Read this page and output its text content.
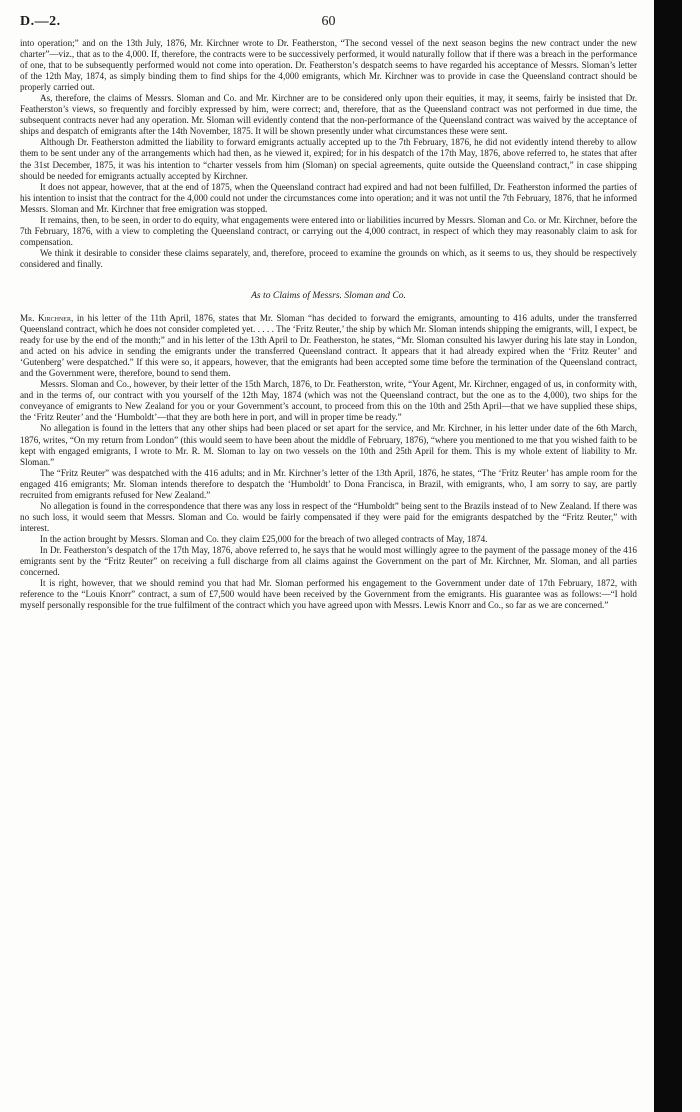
D.—2.	60

into operation;” and on the 13th July, 1876, Mr. Kirchner wrote to Dr. Featherston, “The second vessel of the next season begins the new contract under the new charter”—viz., that as to the 4,000. If, therefore, the contracts were to be successively performed, it would naturally follow that if there was a breach in the performance of one, that to be subsequently performed would not come into operation. Dr. Featherston’s despatch seems to have regarded his acceptance of Messrs. Sloman’s letter of the 12th May, 1874, as simply binding them to find ships for the 4,000 emigrants, which Mr. Kirchner was to provide in case the Queensland contract should be properly carried out.

As, therefore, the claims of Messrs. Sloman and Co. and Mr. Kirchner are to be considered only upon their equities, it may, it seems, fairly be insisted that Dr. Featherston’s views, so frequently and forcibly expressed by him, were correct; and, therefore, that as the Queensland contract was not performed in due time, the subsequent contracts never had any operation. Mr. Sloman will evidently contend that the non-performance of the Queensland contract was waived by the acceptance of ships and despatch of emigrants after the 14th November, 1875. It will be shown presently under what circumstances these were sent.

Although Dr. Featherston admitted the liability to forward emigrants actually accepted up to the 7th February, 1876, he did not evidently intend thereby to allow them to be sent under any of the arrangements which had then, as he viewed it, expired; for in his despatch of the 17th May, 1876, above referred to, he states that after the 31st December, 1875, it was his intention to “charter vessels from him (Sloman) on special agreements, quite outside the Queensland contract,” in case shipping should be needed for emigrants actually accepted by Kirchner.

It does not appear, however, that at the end of 1875, when the Queensland contract had expired and had not been fulfilled, Dr. Featherston informed the parties of his intention to insist that the contract for the 4,000 could not under the circumstances come into operation; and it was not until the 7th February, 1876, that he informed Messrs. Sloman and Mr. Kirchner that free emigration was stopped.

It remains, then, to be seen, in order to do equity, what engagements were entered into or liabilities incurred by Messrs. Sloman and Co. or Mr. Kirchner, before the 7th February, 1876, with a view to completing the Queensland contract, or carrying out the 4,000 contract, in respect of which they may reasonably claim to ask for compensation.

We think it desirable to consider these claims separately, and, therefore, proceed to examine the grounds on which, as it seems to us, they should be respectively considered and finally.

As to Claims of Messrs. Sloman and Co.

Mr. Kirchner, in his letter of the 11th April, 1876, states that Mr. Sloman “has decided to forward the emigrants, amounting to 416 adults, under the transferred Queensland contract, which he does not consider completed yet. . . . . The ‘Fritz Reuter,’ the ship by which Mr. Sloman intends shipping the emigrants, will, I expect, be ready for use by the end of the month;” and in his letter of the 13th April to Dr. Featherston, he states, “Mr. Sloman consulted his lawyer during his late stay in London, and acted on his advice in sending the emigrants under the transferred Queensland contract. It appears that it had already expired when the ‘Fritz Reuter’ and ‘Gutenberg’ were despatched.” If this were so, it appears, however, that the emigrants had been accepted some time before the termination of the Queensland contract, and the Government were, therefore, bound to send them.

Messrs. Sloman and Co., however, by their letter of the 15th March, 1876, to Dr. Featherston, write, “Your Agent, Mr. Kirchner, engaged of us, in conformity with, and in the terms of, our contract with you yourself of the 12th May, 1874 (which was not the Queensland contract, but the one as to the 4,000), two ships for the conveyance of emigrants to New Zealand for you or your Government’s account, to proceed from this on the 10th and 25th April—that we have supplied these ships, the ‘Fritz Reuter’ and the ‘Humboldt’—that they are both here in port, and will in proper time be ready.”

No allegation is found in the letters that any other ships had been placed or set apart for the service, and Mr. Kirchner, in his letter under date of the 6th March, 1876, writes, “On my return from London” (this would seem to have been about the middle of February, 1876), “where you mentioned to me that you wished faith to be kept with engaged emigrants, I wrote to Mr. R. M. Sloman to lay on two vessels on the 10th and 25th April for them. This is my whole extent of liability to Mr. Sloman.”

The “Fritz Reuter” was despatched with the 416 adults; and in Mr. Kirchner’s letter of the 13th April, 1876, he states, “The ‘Fritz Reuter’ has ample room for the engaged 416 emigrants; Mr. Sloman intends therefore to despatch the ‘Humboldt’ to Dona Francisca, in Brazil, with emigrants, who, I am sorry to say, are partly recruited from emigrants refused for New Zealand.”

No allegation is found in the correspondence that there was any loss in respect of the “Humboldt” being sent to the Brazils instead of to New Zealand. If there was no such loss, it would seem that Messrs. Sloman and Co. would be fairly compensated if they were paid for the emigrants despatched by the “Fritz Reuter,” with interest.

In the action brought by Messrs. Sloman and Co. they claim £25,000 for the breach of two alleged contracts of May, 1874.

In Dr. Featherston’s despatch of the 17th May, 1876, above referred to, he says that he would most willingly agree to the payment of the passage money of the 416 emigrants sent by the “Fritz Reuter” on receiving a full discharge from all claims against the Government on the part of Mr. Kirchner, Mr. Sloman, and all parties concerned.

It is right, however, that we should remind you that had Mr. Sloman performed his engagement to the Government under date of 17th February, 1872, with reference to the “Louis Knorr” contract, a sum of £7,500 would have been received by the Government from the emigrants. His guarantee was as follows:—“I hold myself personally responsible for the true fulfilment of the contract which you have agreed upon with Messrs. Lewis Knorr and Co., so far as we are concerned.”
